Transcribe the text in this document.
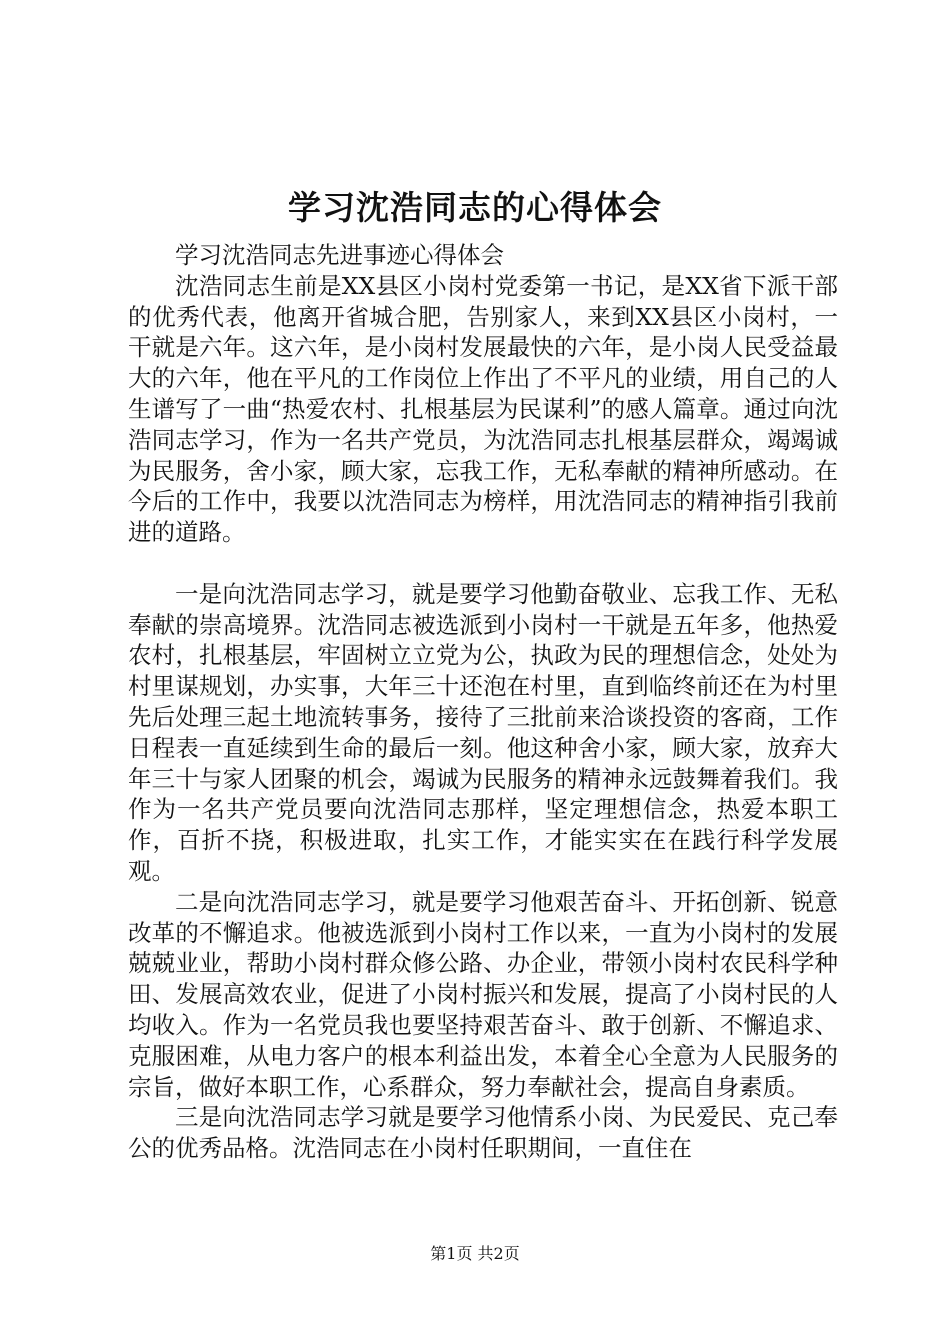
学习沈浩同志的心得体会

学习沈浩同志先进事迹心得体会

沈浩同志生前是XX县区小岗村党委第一书记，是XX省下派干部的优秀代表，他离开省城合肥，告别家人，来到XX县区小岗村，一干就是六年。这六年，是小岗村发展最快的六年，是小岗人民受益最大的六年，他在平凡的工作岗位上作出了不平凡的业绩，用自己的人生谱写了一曲“热爱农村、扎根基层为民谋利”的感人篇章。通过向沈浩同志学习，作为一名共产党员，为沈浩同志扎根基层群众，竭竭诚为民服务，舍小家，顾大家，忘我工作，无私奉献的精神所感动。在今后的工作中，我要以沈浩同志为榜样，用沈浩同志的精神指引我前进的道路。

一是向沈浩同志学习，就是要学习他勤奋敬业、忘我工作、无私奉献的崇高境界。沈浩同志被选派到小岗村一干就是五年多，他热爱农村，扎根基层，牢固树立立党为公，执政为民的理想信念，处处为村里谋规划，办实事，大年三十还泡在村里，直到临终前还在为村里先后处理三起土地流转事务，接待了三批前来洽谈投资的客商，工作日程表一直延续到生命的最后一刻。他这种舍小家，顾大家，放弃大年三十与家人团聚的机会，竭诚为民服务的精神永远鼓舞着我们。我作为一名共产党员要向沈浩同志那样，坚定理想信念，热爱本职工作，百折不挠，积极进取，扎实工作，才能实实在在践行科学发展观。

二是向沈浩同志学习，就是要学习他艰苦奋斗、开拓创新、锐意改革的不懈追求。他被选派到小岗村工作以来，一直为小岗村的发展兢兢业业，帮助小岗村群众修公路、办企业，带领小岗村农民科学种田、发展高效农业，促进了小岗村振兴和发展，提高了小岗村民的人均收入。作为一名党员我也要坚持艰苦奋斗、敢于创新、不懈追求、克服困难，从电力客户的根本利益出发，本着全心全意为人民服务的宗旨，做好本职工作，心系群众，努力奉献社会，提高自身素质。

三是向沈浩同志学习就是要学习他情系小岗、为民爱民、克己奉公的优秀品格。沈浩同志在小岗村任职期间，一直住在

第1页 共2页
